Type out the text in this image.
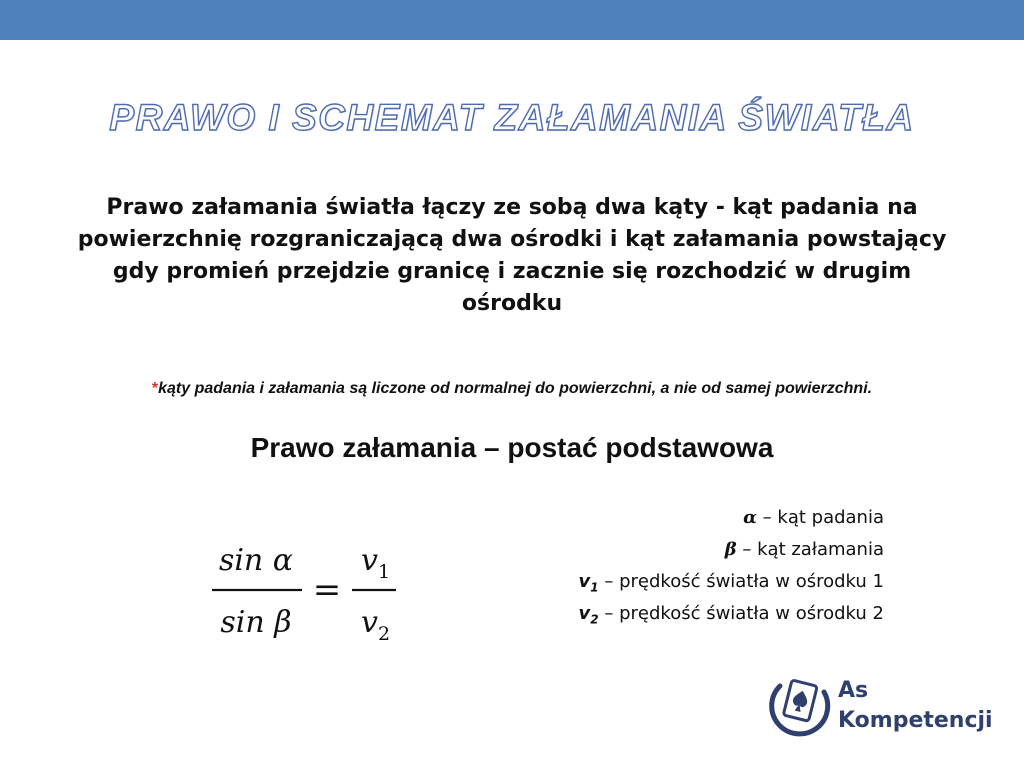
PRAWO I SCHEMAT ZAŁAMANIA ŚWIATŁA

Prawo załamania światła łączy ze sobą dwa kąty - kąt padania na powierzchnię rozgraniczającą dwa ośrodki i kąt załamania powstający gdy promień przejdzie granicę i zacznie się rozchodzić w drugim ośrodku

*kąty padania i załamania są liczone od normalnej do powierzchni, a nie od samej powierzchni.
Prawo załamania – postać podstawowa
sin α
sin β
=
$v_1$
$v_2$
α – kąt padania
β – kąt załamania
$v_1$ – prędkość światła w ośrodku 1
$v_2$ – prędkość światła w ośrodku 2
As
Kompetencji
